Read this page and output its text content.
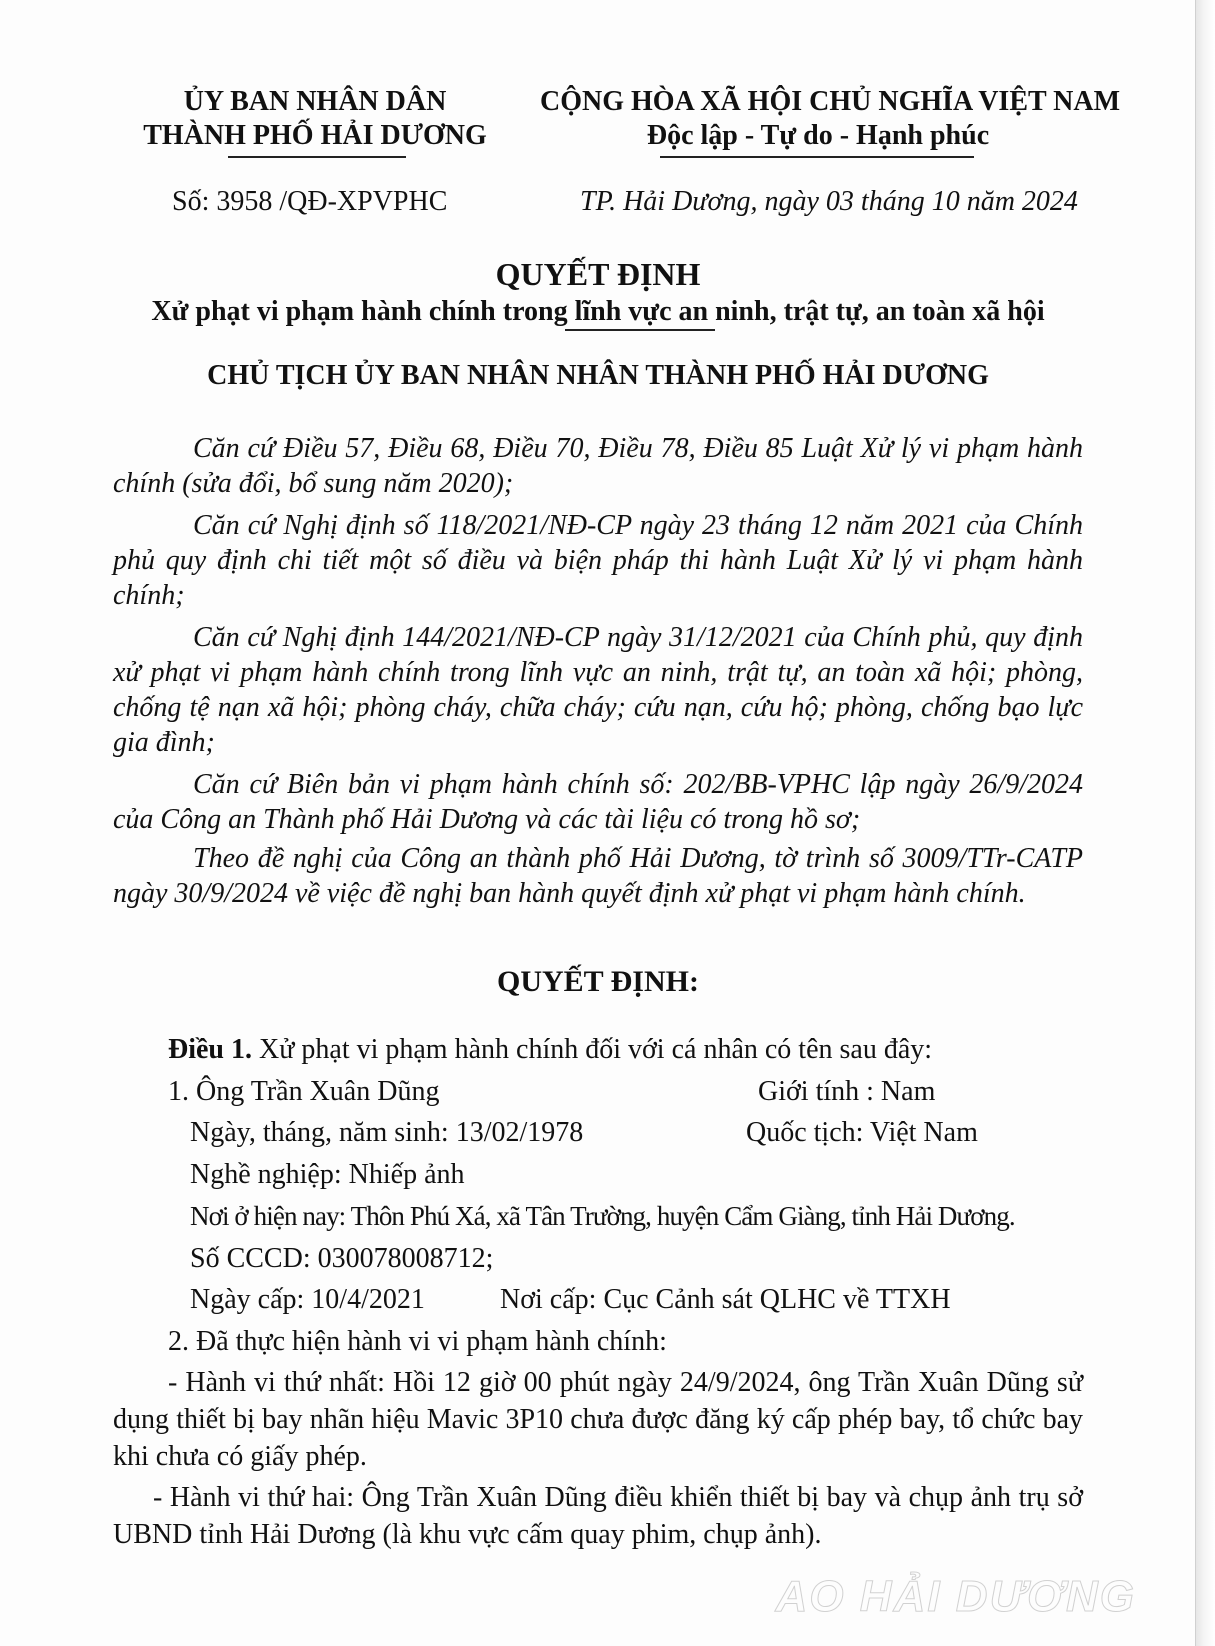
ỦY BAN NHÂN DÂN
THÀNH PHỐ HẢI DƯƠNG
Số: 3958 /QĐ-XPVPHC
CỘNG HÒA XÃ HỘI CHỦ NGHĨA VIỆT NAM
Độc lập - Tự do - Hạnh phúc
TP. Hải Dương, ngày 03 tháng 10 năm 2024
QUYẾT ĐỊNH
Xử phạt vi phạm hành chính trong lĩnh vực an ninh, trật tự, an toàn xã hội
CHỦ TỊCH ỦY BAN NHÂN NHÂN THÀNH PHỐ HẢI DƯƠNG
Căn cứ Điều 57, Điều 68, Điều 70, Điều 78, Điều 85 Luật Xử lý vi phạm hành chính (sửa đổi, bổ sung năm 2020);
Căn cứ Nghị định số 118/2021/NĐ-CP ngày 23 tháng 12 năm 2021 của Chính phủ quy định chi tiết một số điều và biện pháp thi hành Luật Xử lý vi phạm hành chính;
Căn cứ Nghị định 144/2021/NĐ-CP ngày 31/12/2021 của Chính phủ, quy định xử phạt vi phạm hành chính trong lĩnh vực an ninh, trật tự, an toàn xã hội; phòng, chống tệ nạn xã hội; phòng cháy, chữa cháy; cứu nạn, cứu hộ; phòng, chống bạo lực gia đình;
Căn cứ Biên bản vi phạm hành chính số: 202/BB-VPHC lập ngày 26/9/2024 của Công an Thành phố Hải Dương và các tài liệu có trong hồ sơ;
Theo đề nghị của Công an thành phố Hải Dương, tờ trình số 3009/TTr-CATP ngày 30/9/2024 về việc đề nghị ban hành quyết định xử phạt vi phạm hành chính.
QUYẾT ĐỊNH:
Điều 1. Xử phạt vi phạm hành chính đối với cá nhân có tên sau đây:
1. Ông Trần Xuân Dũng	Giới tính : Nam
Ngày, tháng, năm sinh: 13/02/1978	Quốc tịch: Việt Nam
Nghề nghiệp: Nhiếp ảnh
Nơi ở hiện nay: Thôn Phú Xá, xã Tân Trường, huyện Cẩm Giàng, tỉnh Hải Dương.
Số CCCD: 030078008712;
Ngày cấp: 10/4/2021	Nơi cấp: Cục Cảnh sát QLHC về TTXH
2. Đã thực hiện hành vi vi phạm hành chính:
- Hành vi thứ nhất: Hồi 12 giờ 00 phút ngày 24/9/2024, ông Trần Xuân Dũng sử dụng thiết bị bay nhãn hiệu Mavic 3P10 chưa được đăng ký cấp phép bay, tổ chức bay khi chưa có giấy phép.
- Hành vi thứ hai: Ông Trần Xuân Dũng điều khiển thiết bị bay và chụp ảnh trụ sở UBND tỉnh Hải Dương (là khu vực cấm quay phim, chụp ảnh).
AO HẢI DƯƠNG
